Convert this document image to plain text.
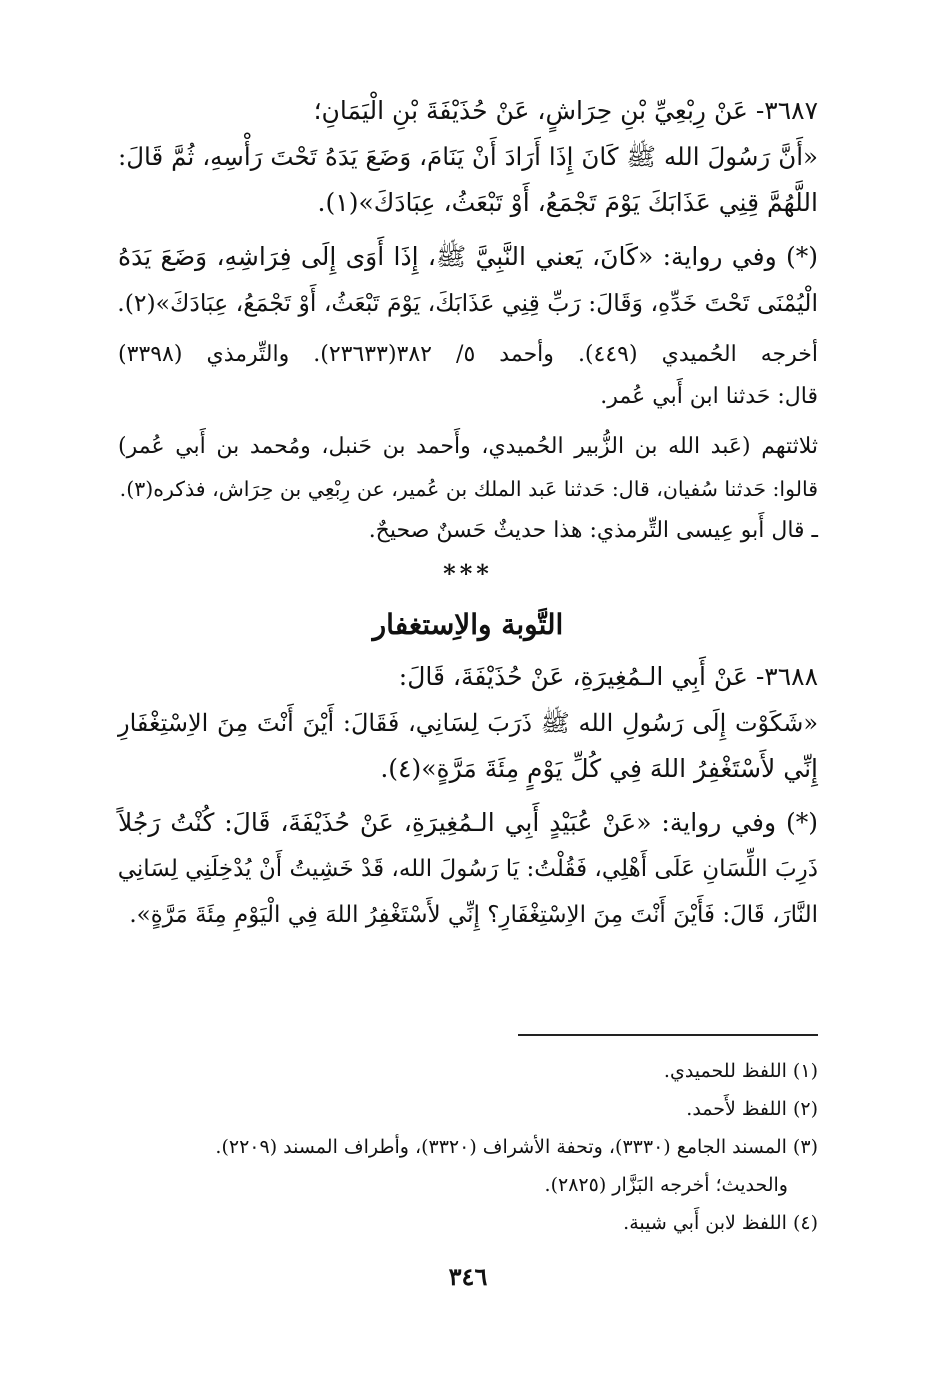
٣٦٨٧- عَنْ رِبْعِيِّ بْنِ حِرَاشٍ، عَنْ حُذَيْفَةَ بْنِ الْيَمَانِ؛
«أَنَّ رَسُولَ الله ﷺ كَانَ إِذَا أَرَادَ أَنْ يَنَامَ، وَضَعَ يَدَهُ تَحْتَ رَأْسِهِ، ثُمَّ قَالَ:
اللَّهُمَّ قِنِي عَذَابَكَ يَوْمَ تَجْمَعُ، أَوْ تَبْعَثُ، عِبَادَكَ»(١).
(*) وفي رواية: «كَانَ، يَعني النَّبِيَّ ﷺ، إِذَا أَوَى إِلَى فِرَاشِهِ، وَضَعَ يَدَهُ
الْيُمْنَى تَحْتَ خَدِّهِ، وَقَالَ: رَبِّ قِنِي عَذَابَكَ، يَوْمَ تَبْعَثُ، أَوْ تَجْمَعُ، عِبَادَكَ»(٢).
أخرجه الحُميدي (٤٤٩). وأحمد ٥/ ٣٨٢(٢٣٦٣٣). والتِّرمذي (٣٣٩٨)
قال: حَدثنا ابن أَبي عُمر.
ثلاثتهم (عَبد الله بن الزُّبير الحُميدي، وأَحمد بن حَنبل، ومُحمد بن أَبي عُمر)
قالوا: حَدثنا سُفيان، قال: حَدثنا عَبد الملك بن عُمير، عن رِبْعِي بن حِرَاش، فذكره(٣).
ـ قال أَبو عِيسى التِّرمذي: هذا حديثٌ حَسنٌ صحيحٌ.
***
التَّوبة والاِستغفار
٣٦٨٨- عَنْ أَبِي الـمُغِيرَةِ، عَنْ حُذَيْفَةَ، قَالَ:
«شَكَوْت إِلَى رَسُولِ الله ﷺ ذَرَبَ لِسَانِي، فَقَالَ: أَيْنَ أَنْتَ مِنَ الاِسْتِغْفَارِ
إِنِّي لأَسْتَغْفِرُ اللهَ فِي كُلِّ يَوْمٍ مِئَةَ مَرَّةٍ»(٤).
(*) وفي رواية: «عَنْ عُبَيْدٍ أَبِي الـمُغِيرَةِ، عَنْ حُذَيْفَةَ، قَالَ: كُنْتُ رَجُلاً
ذَرِبَ اللِّسَانِ عَلَى أَهْلِي، فَقُلْتُ: يَا رَسُولَ الله، قَدْ خَشِيتُ أَنْ يُدْخِلَنِي لِسَانِي
النَّارَ، قَالَ: فَأَيْنَ أَنْتَ مِنَ الاِسْتِغْفَارِ؟ إِنِّي لأَسْتَغْفِرُ اللهَ فِي الْيَوْمِ مِئَةَ مَرَّةٍ».
(١) اللفظ للحميدي.
(٢) اللفظ لأَحمد.
(٣) المسند الجامع (٣٣٣٠)، وتحفة الأشراف (٣٣٢٠)، وأطراف المسند (٢٢٠٩).
والحديث؛ أخرجه البَزَّار (٢٨٢٥).
(٤) اللفظ لابن أَبي شيبة.
٣٤٦
